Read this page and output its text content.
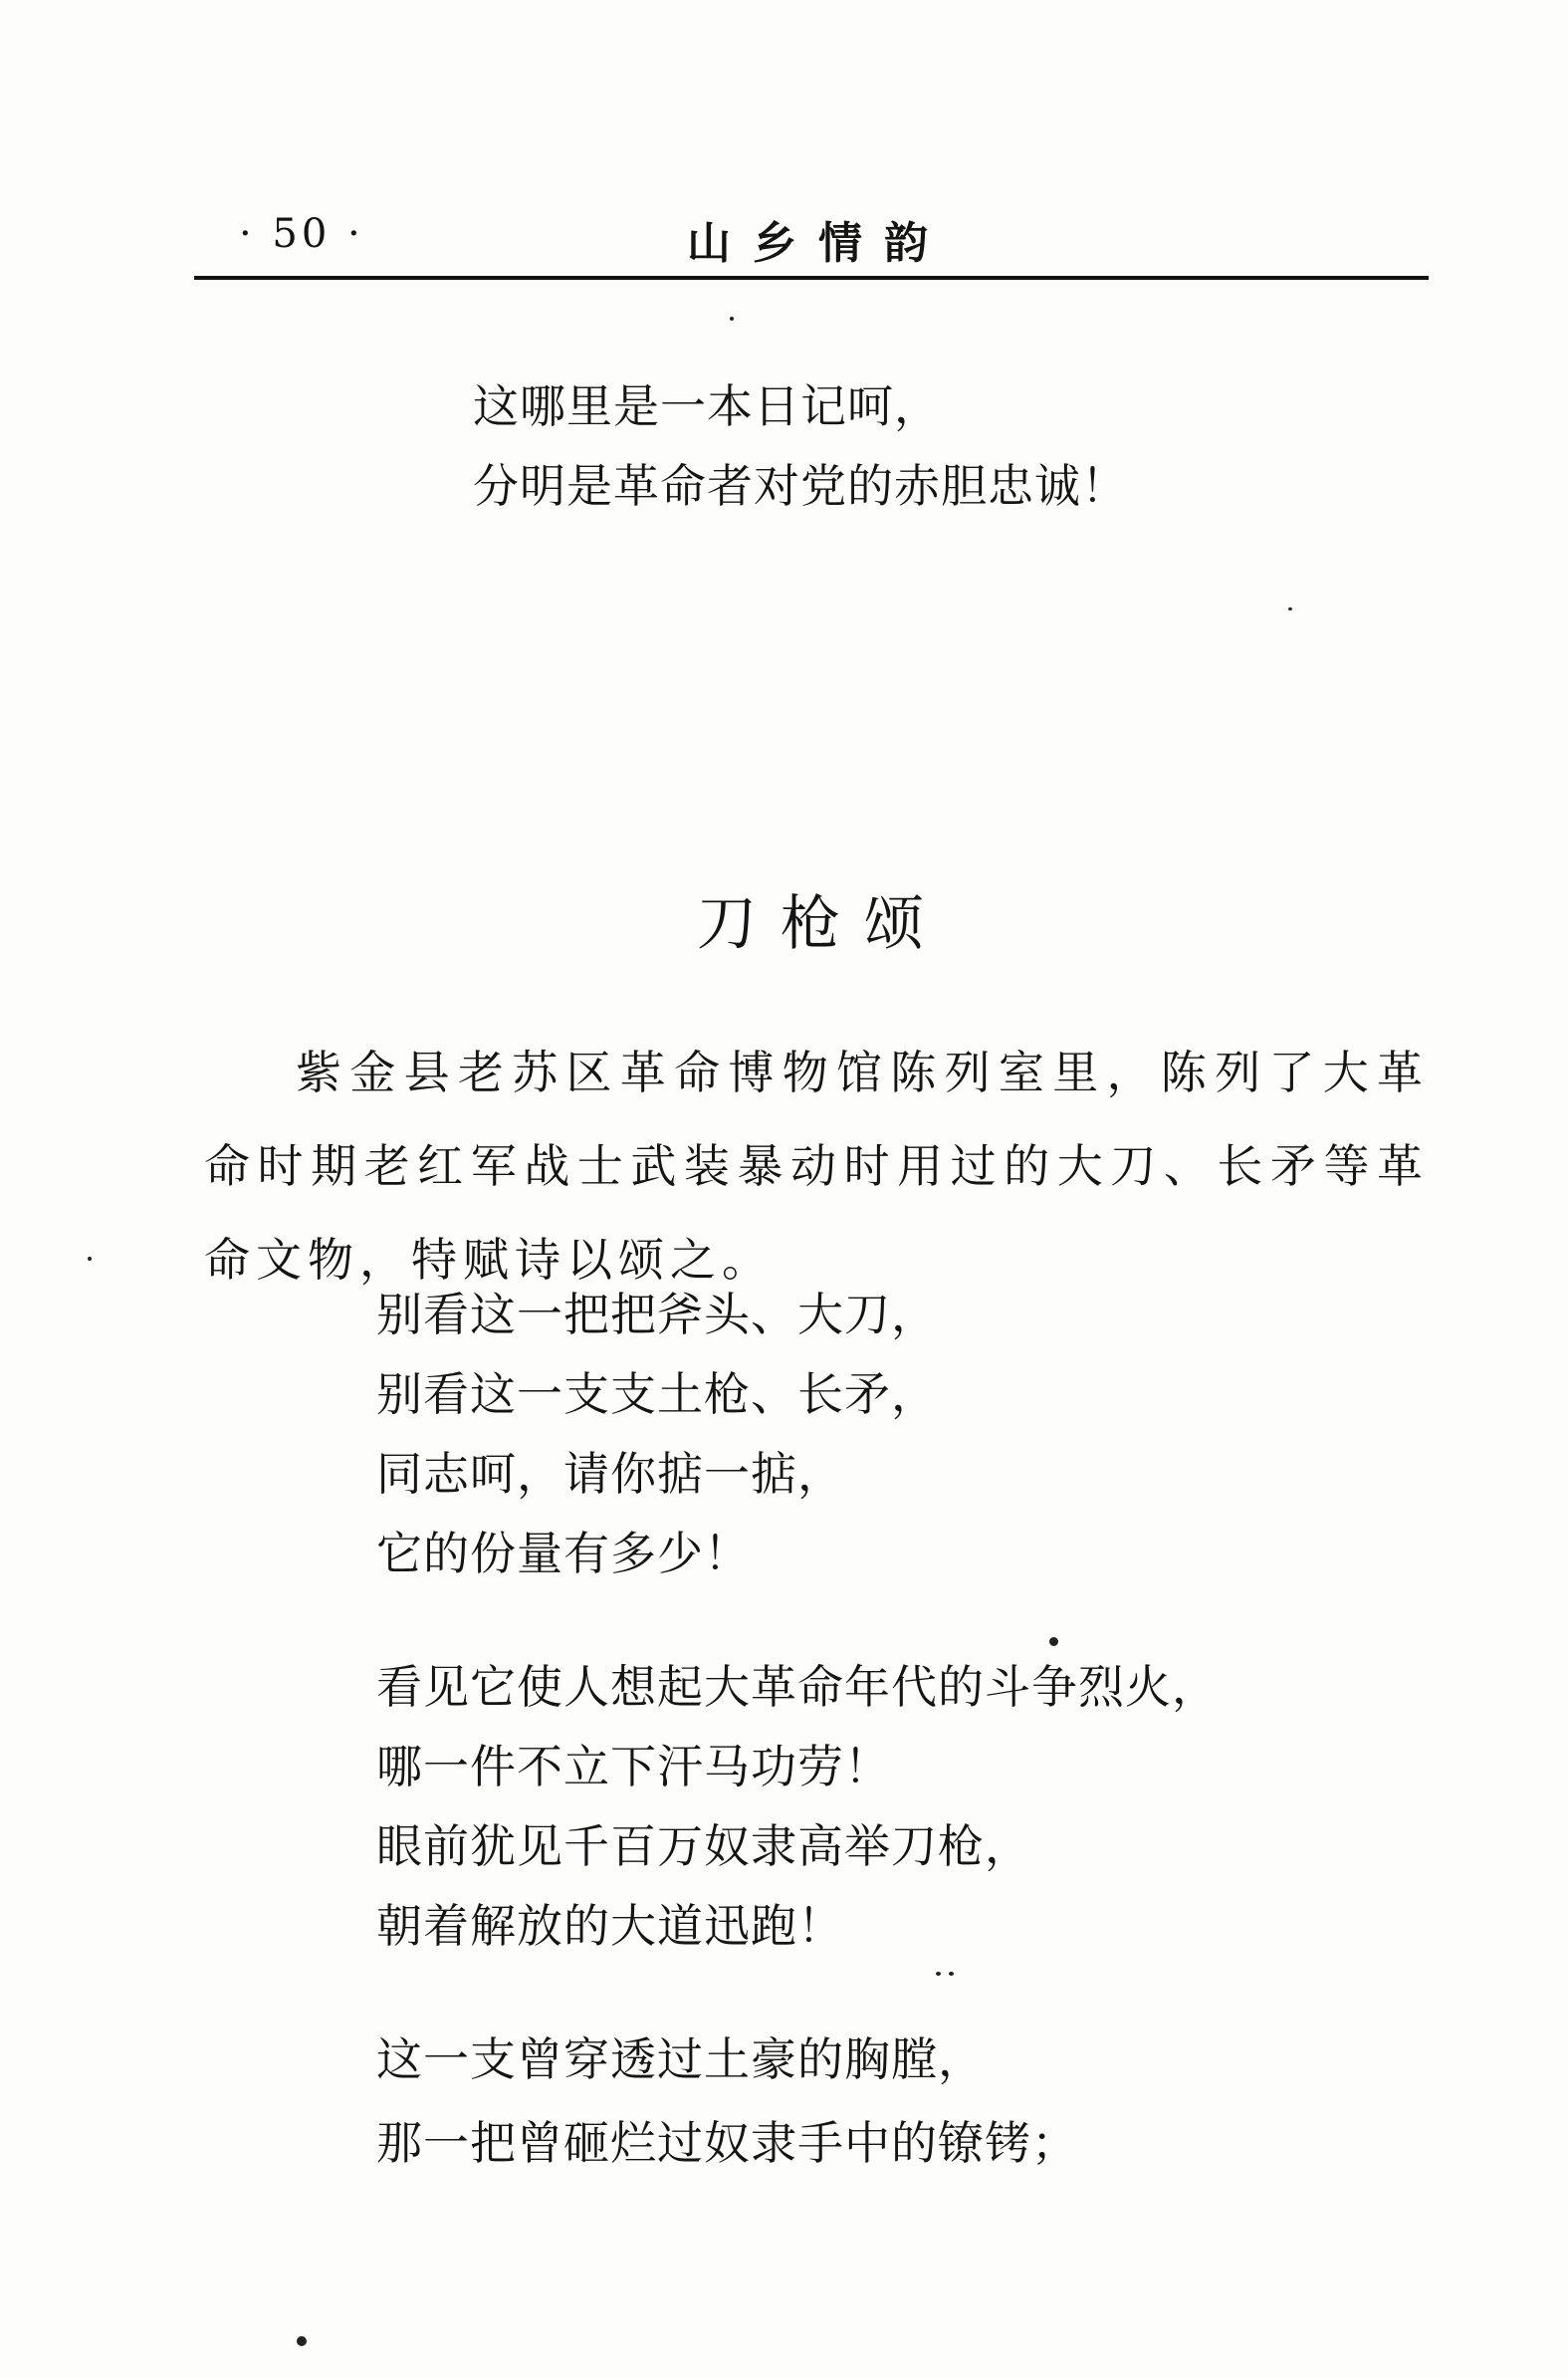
· 50 ·	山乡情韵
这哪里是一本日记呵，
分明是革命者对党的赤胆忠诚！
刀枪颂
紫金县老苏区革命博物馆陈列室里，陈列了大革命时期老红军战士武装暴动时用过的大刀、长矛等革命文物，特赋诗以颂之。
别看这一把把斧头、大刀，
别看这一支支土枪、长矛，
同志呵，请你掂一掂，
它的份量有多少！
看见它使人想起大革命年代的斗争烈火，
哪一件不立下汗马功劳！
眼前犹见千百万奴隶高举刀枪，
朝着解放的大道迅跑！
这一支曾穿透过土豪的胸膛，
那一把曾砸烂过奴隶手中的镣铐；
